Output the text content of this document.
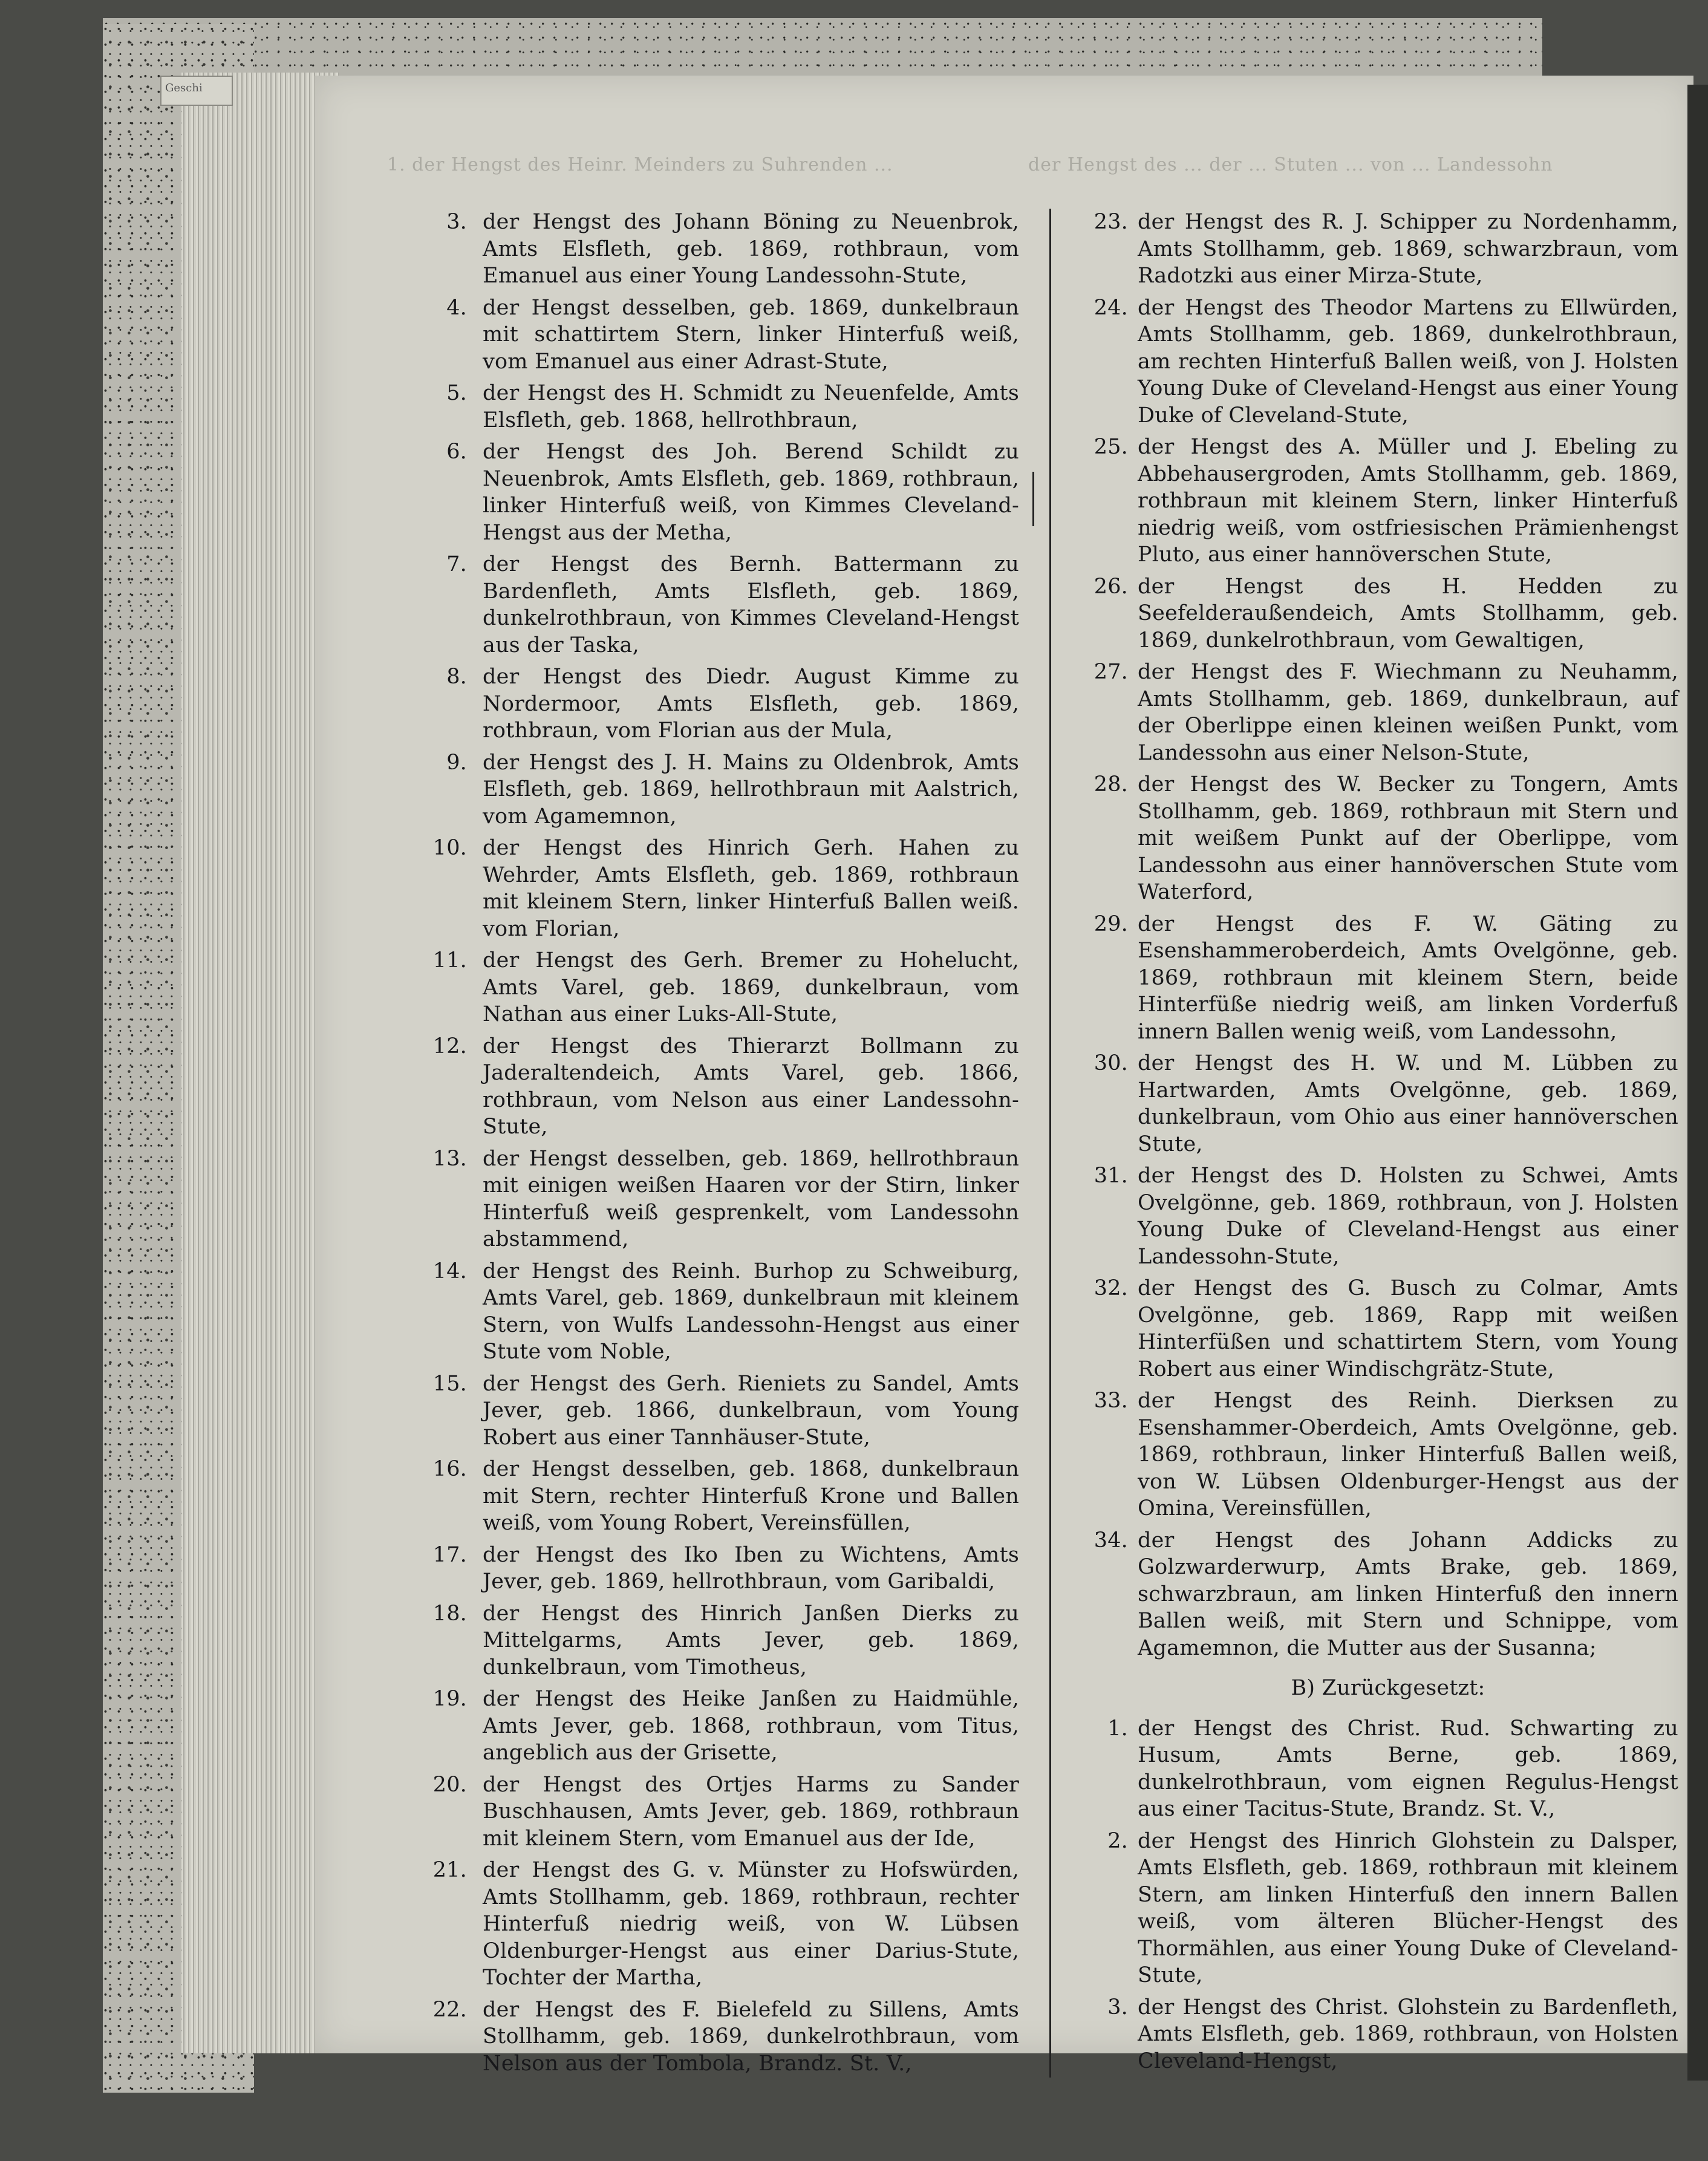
Geschi
1. der Hengst des Heinr. Meinders zu Suhrenden ...	der Hengst des ... der ... Stuten ... von ... Landessohn
3. der Hengst des Johann Böning zu Neuenbrok, Amts Elsfleth, geb. 1869, rothbraun, vom Emanuel aus einer Young Landessohn-Stute,
4. der Hengst desselben, geb. 1869, dunkelbraun mit schattirtem Stern, linker Hinterfuß weiß, vom Emanuel aus einer Adrast-Stute,
5. der Hengst des H. Schmidt zu Neuenfelde, Amts Elsfleth, geb. 1868, hellrothbraun,
6. der Hengst des Joh. Berend Schildt zu Neuenbrok, Amts Elsfleth, geb. 1869, rothbraun, linker Hinterfuß weiß, von Kimmes Cleveland-Hengst aus der Metha,
7. der Hengst des Bernh. Battermann zu Bardenfleth, Amts Elsfleth, geb. 1869, dunkelrothbraun, von Kimmes Cleveland-Hengst aus der Taska,
8. der Hengst des Diedr. August Kimme zu Nordermoor, Amts Elsfleth, geb. 1869, rothbraun, vom Florian aus der Mula,
9. der Hengst des J. H. Mains zu Oldenbrok, Amts Elsfleth, geb. 1869, hellrothbraun mit Aalstrich, vom Agamemnon,
10. der Hengst des Hinrich Gerh. Hahen zu Wehrder, Amts Elsfleth, geb. 1869, rothbraun mit kleinem Stern, linker Hinterfuß Ballen weiß. vom Florian,
11. der Hengst des Gerh. Bremer zu Hohelucht, Amts Varel, geb. 1869, dunkelbraun, vom Nathan aus einer Luks-All-Stute,
12. der Hengst des Thierarzt Bollmann zu Jaderaltendeich, Amts Varel, geb. 1866, rothbraun, vom Nelson aus einer Landessohn-Stute,
13. der Hengst desselben, geb. 1869, hellrothbraun mit einigen weißen Haaren vor der Stirn, linker Hinterfuß weiß gesprenkelt, vom Landessohn abstammend,
14. der Hengst des Reinh. Burhop zu Schweiburg, Amts Varel, geb. 1869, dunkelbraun mit kleinem Stern, von Wulfs Landessohn-Hengst aus einer Stute vom Noble,
15. der Hengst des Gerh. Rieniets zu Sandel, Amts Jever, geb. 1866, dunkelbraun, vom Young Robert aus einer Tannhäuser-Stute,
16. der Hengst desselben, geb. 1868, dunkelbraun mit Stern, rechter Hinterfuß Krone und Ballen weiß, vom Young Robert, Vereinsfüllen,
17. der Hengst des Iko Iben zu Wichtens, Amts Jever, geb. 1869, hellrothbraun, vom Garibaldi,
18. der Hengst des Hinrich Janßen Dierks zu Mittelgarms, Amts Jever, geb. 1869, dunkelbraun, vom Timotheus,
19. der Hengst des Heike Janßen zu Haidmühle, Amts Jever, geb. 1868, rothbraun, vom Titus, angeblich aus der Grisette,
20. der Hengst des Ortjes Harms zu Sander Buschhausen, Amts Jever, geb. 1869, rothbraun mit kleinem Stern, vom Emanuel aus der Ide,
21. der Hengst des G. v. Münster zu Hofswürden, Amts Stollhamm, geb. 1869, rothbraun, rechter Hinterfuß niedrig weiß, von W. Lübsen Oldenburger-Hengst aus einer Darius-Stute, Tochter der Martha,
22. der Hengst des F. Bielefeld zu Sillens, Amts Stollhamm, geb. 1869, dunkelrothbraun, vom Nelson aus der Tombola, Brandz. St. V.,
23. der Hengst des R. J. Schipper zu Nordenhamm, Amts Stollhamm, geb. 1869, schwarzbraun, vom Radotzki aus einer Mirza-Stute,
24. der Hengst des Theodor Martens zu Ellwürden, Amts Stollhamm, geb. 1869, dunkelrothbraun, am rechten Hinterfuß Ballen weiß, von J. Holsten Young Duke of Cleveland-Hengst aus einer Young Duke of Cleveland-Stute,
25. der Hengst des A. Müller und J. Ebeling zu Abbehausergroden, Amts Stollhamm, geb. 1869, rothbraun mit kleinem Stern, linker Hinterfuß niedrig weiß, vom ostfriesischen Prämienhengst Pluto, aus einer hannöverschen Stute,
26. der Hengst des H. Hedden zu Seefelderaußendeich, Amts Stollhamm, geb. 1869, dunkelrothbraun, vom Gewaltigen,
27. der Hengst des F. Wiechmann zu Neuhamm, Amts Stollhamm, geb. 1869, dunkelbraun, auf der Oberlippe einen kleinen weißen Punkt, vom Landessohn aus einer Nelson-Stute,
28. der Hengst des W. Becker zu Tongern, Amts Stollhamm, geb. 1869, rothbraun mit Stern und mit weißem Punkt auf der Oberlippe, vom Landessohn aus einer hannöverschen Stute vom Waterford,
29. der Hengst des F. W. Gäting zu Esenshammeroberdeich, Amts Ovelgönne, geb. 1869, rothbraun mit kleinem Stern, beide Hinterfüße niedrig weiß, am linken Vorderfuß innern Ballen wenig weiß, vom Landessohn,
30. der Hengst des H. W. und M. Lübben zu Hartwarden, Amts Ovelgönne, geb. 1869, dunkelbraun, vom Ohio aus einer hannöverschen Stute,
31. der Hengst des D. Holsten zu Schwei, Amts Ovelgönne, geb. 1869, rothbraun, von J. Holsten Young Duke of Cleveland-Hengst aus einer Landessohn-Stute,
32. der Hengst des G. Busch zu Colmar, Amts Ovelgönne, geb. 1869, Rapp mit weißen Hinterfüßen und schattirtem Stern, vom Young Robert aus einer Windischgrätz-Stute,
33. der Hengst des Reinh. Dierksen zu Esenshammer-Oberdeich, Amts Ovelgönne, geb. 1869, rothbraun, linker Hinterfuß Ballen weiß, von W. Lübsen Oldenburger-Hengst aus der Omina, Vereinsfüllen,
34. der Hengst des Johann Addicks zu Golzwarderwurp, Amts Brake, geb. 1869, schwarzbraun, am linken Hinterfuß den innern Ballen weiß, mit Stern und Schnippe, vom Agamemnon, die Mutter aus der Susanna;
B) Zurückgesetzt:
1. der Hengst des Christ. Rud. Schwarting zu Husum, Amts Berne, geb. 1869, dunkelrothbraun, vom eignen Regulus-Hengst aus einer Tacitus-Stute, Brandz. St. V.,
2. der Hengst des Hinrich Glohstein zu Dalsper, Amts Elsfleth, geb. 1869, rothbraun mit kleinem Stern, am linken Hinterfuß den innern Ballen weiß, vom älteren Blücher-Hengst des Thormählen, aus einer Young Duke of Cleveland-Stute,
3. der Hengst des Christ. Glohstein zu Bardenfleth, Amts Elsfleth, geb. 1869, rothbraun, von Holsten Cleveland-Hengst,
